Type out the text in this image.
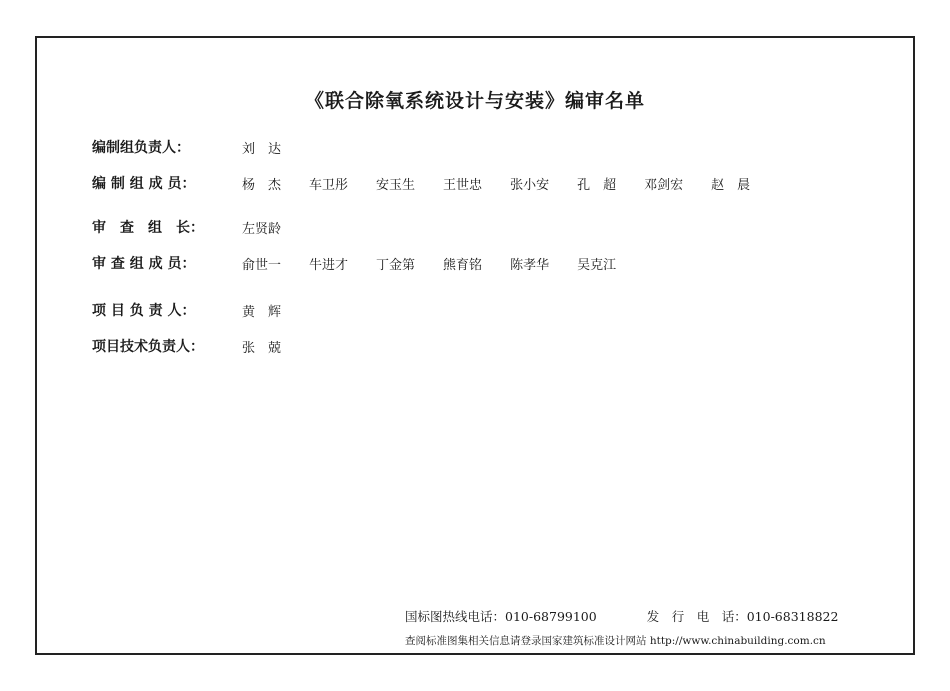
《联合除氧系统设计与安装》编审名单
编制组负责人：	刘　达
编 制 组 成 员：	杨　杰 车卫彤 安玉生 王世忠 张小安 孔　超 邓剑宏 赵　晨
审　查　组　长：	左贤龄
审 查 组 成 员：	俞世一 牛进才 丁金第 熊育铭 陈孝华 吴克江
项 目 负 责 人：	黄　辉
项目技术负责人：	张　兢
国标图热线电话：010-68799100	发　行　电　话：010-68318822
查阅标准图集相关信息请登录国家建筑标准设计网站 http://www.chinabuilding.com.cn
